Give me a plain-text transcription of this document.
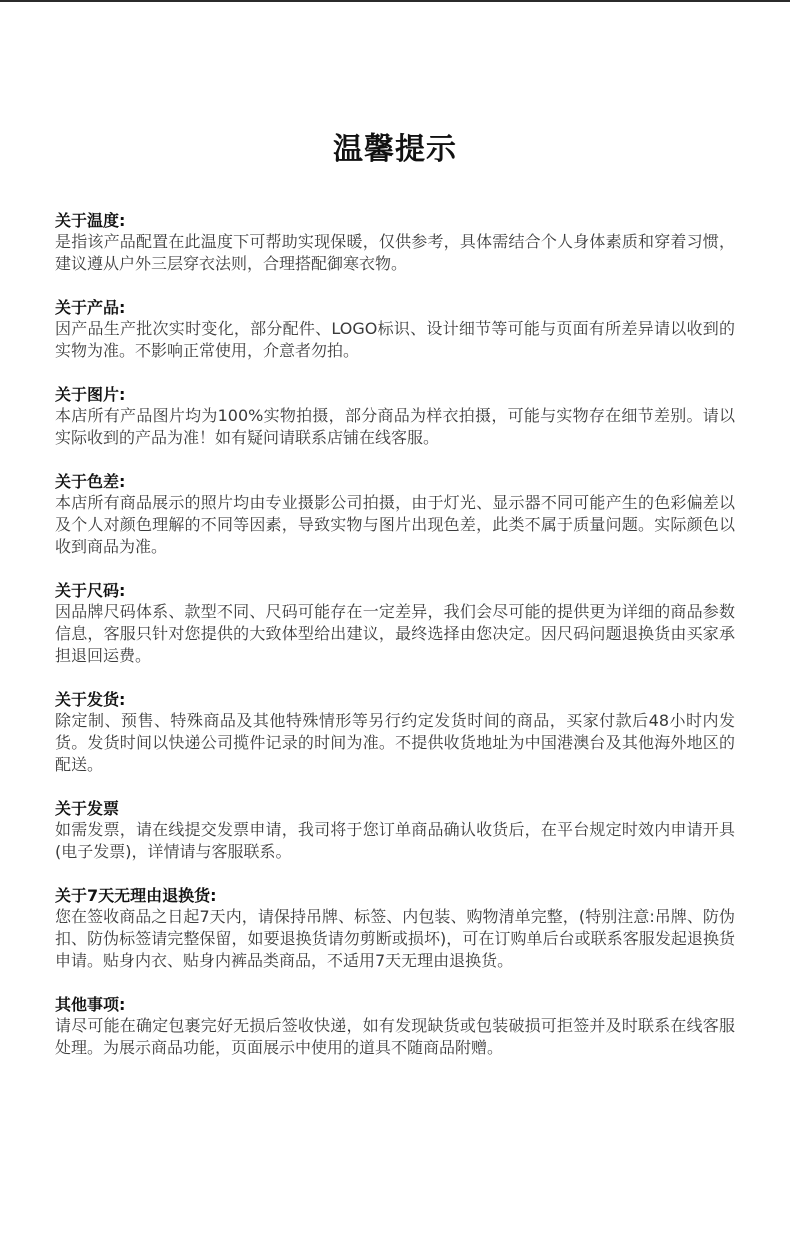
温馨提示
关于温度:
是指该产品配置在此温度下可帮助实现保暖，仅供参考，具体需结合个人身体素质和穿着习惯，建议遵从户外三层穿衣法则，合理搭配御寒衣物。
关于产品:
因产品生产批次实时变化，部分配件、LOGO标识、设计细节等可能与页面有所差异请以收到的实物为准。不影响正常使用，介意者勿拍。
关于图片:
本店所有产品图片均为100%实物拍摄，部分商品为样衣拍摄，可能与实物存在细节差别。请以实际收到的产品为准！如有疑问请联系店铺在线客服。
关于色差:
本店所有商品展示的照片均由专业摄影公司拍摄，由于灯光、显示器不同可能产生的色彩偏差以及个人对颜色理解的不同等因素，导致实物与图片出现色差，此类不属于质量问题。实际颜色以收到商品为准。
关于尺码:
因品牌尺码体系、款型不同、尺码可能存在一定差异，我们会尽可能的提供更为详细的商品参数信息，客服只针对您提供的大致体型给出建议，最终选择由您决定。因尺码问题退换货由买家承担退回运费。
关于发货:
除定制、预售、特殊商品及其他特殊情形等另行约定发货时间的商品，买家付款后48小时内发货。发货时间以快递公司揽件记录的时间为准。不提供收货地址为中国港澳台及其他海外地区的配送。
关于发票
如需发票，请在线提交发票申请，我司将于您订单商品确认收货后，在平台规定时效内申请开具(电子发票)，详情请与客服联系。
关于7天无理由退换货:
您在签收商品之日起7天内，请保持吊牌、标签、内包装、购物清单完整，(特别注意:吊牌、防伪扣、防伪标签请完整保留，如要退换货请勿剪断或损坏)，可在订购单后台或联系客服发起退换货申请。贴身内衣、贴身内裤品类商品，不适用7天无理由退换货。
其他事项:
请尽可能在确定包裹完好无损后签收快递，如有发现缺货或包装破损可拒签并及时联系在线客服处理。为展示商品功能，页面展示中使用的道具不随商品附赠。
